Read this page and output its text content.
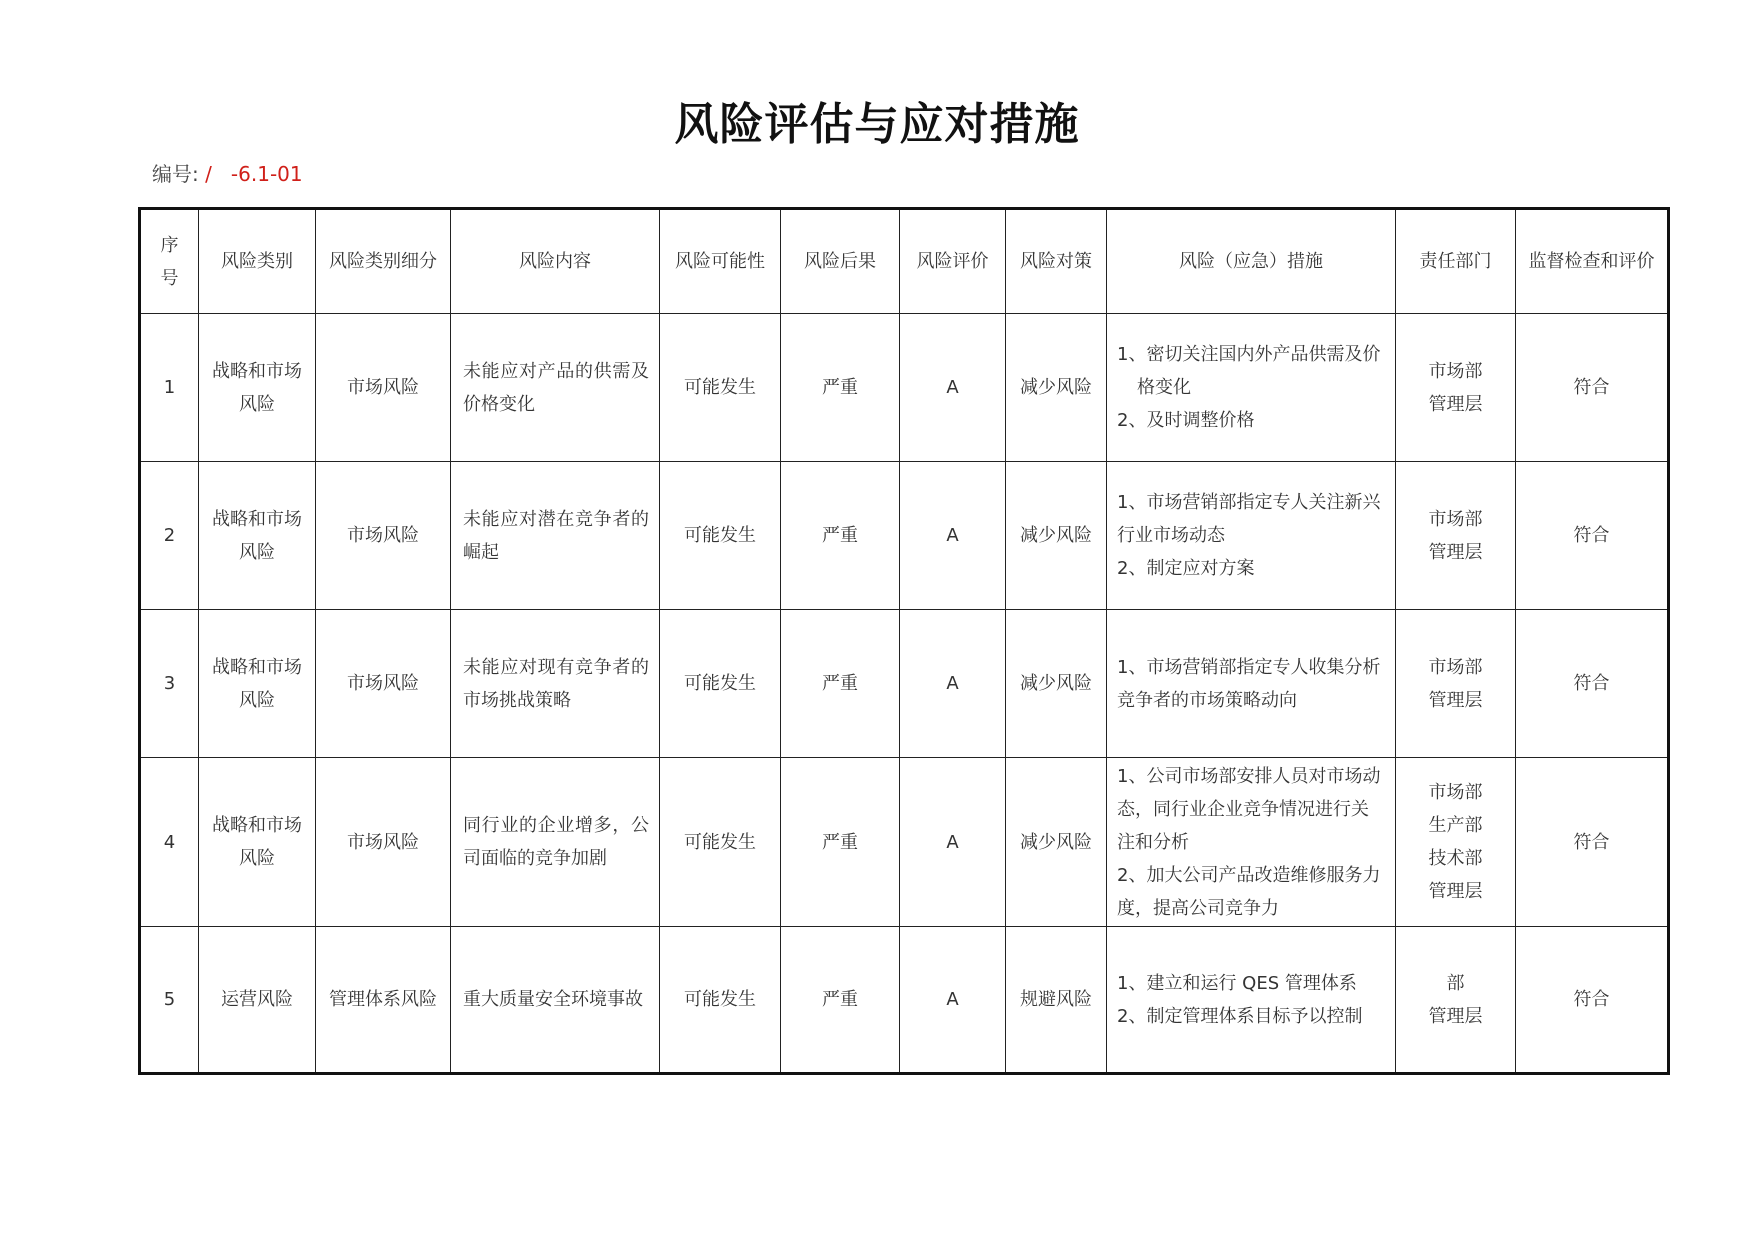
风险评估与应对措施
编号: /   -6.1-01
序
号	风险类别	风险类别细分	风险内容	风险可能性	风险后果	风险评价	风险对策	风险（应急）措施	责任部门	监督检查和评价
1	战略和市场风险	市场风险	未能应对产品的供需及价格变化	可能发生	严重	A	减少风险	1、密切关注国内外产品供需及价
格变化
2、及时调整价格	市场部
管理层	符合
2	战略和市场风险	市场风险	未能应对潜在竞争者的崛起	可能发生	严重	A	减少风险	1、市场营销部指定专人关注新兴
行业市场动态
2、制定应对方案	市场部
管理层	符合
3	战略和市场风险	市场风险	未能应对现有竞争者的市场挑战策略	可能发生	严重	A	减少风险	1、市场营销部指定专人收集分析
竞争者的市场策略动向	市场部
管理层	符合
4	战略和市场风险	市场风险	同行业的企业增多，公司面临的竞争加剧	可能发生	严重	A	减少风险	1、公司市场部安排人员对市场动
态，同行业企业竞争情况进行关
注和分析
2、加大公司产品改造维修服务力
度，提高公司竞争力	市场部
生产部
技术部
管理层	符合
5	运营风险	管理体系风险	重大质量安全环境事故	可能发生	严重	A	规避风险	1、建立和运行 QES 管理体系
2、制定管理体系目标予以控制	部
管理层	符合
